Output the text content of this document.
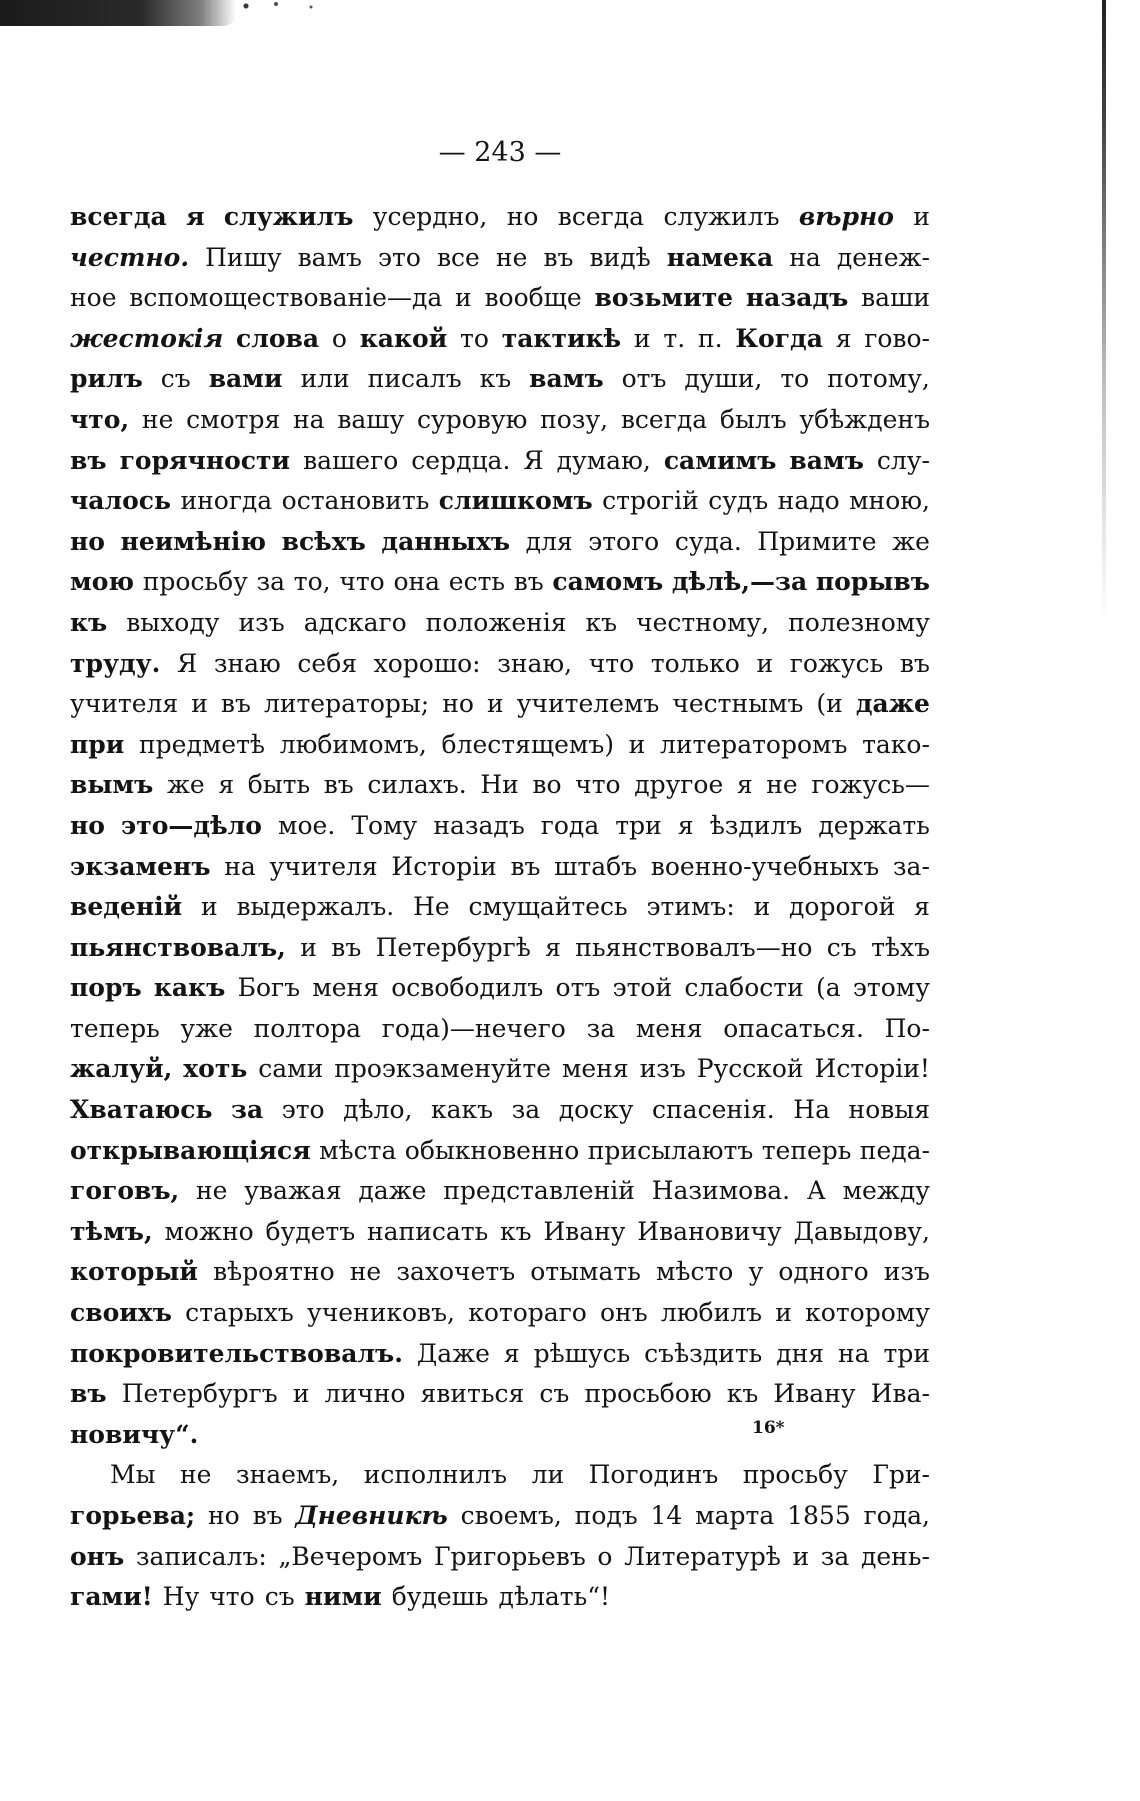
— 243 —
всегда я служилъ усердно, но всегда служилъ вѣрно и
честно. Пишу вамъ это все не въ видѣ намека на денеж-
ное вспомоществованіе—да и вообще возьмите назадъ ваши
жестокія слова о какой то тактикѣ и т. п. Когда я гово-
рилъ съ вами или писалъ къ вамъ отъ души, то потому,
что, не смотря на вашу суровую позу, всегда былъ убѣжденъ
въ горячности вашего сердца. Я думаю, самимъ вамъ слу-
чалось иногда остановить слишкомъ строгій судъ надо мною,
но неимѣнію всѣхъ данныхъ для этого суда. Примите же
мою просьбу за то, что она есть въ самомъ дѣлѣ,—за порывъ
къ выходу изъ адскаго положенія къ честному, полезному
труду. Я знаю себя хорошо: знаю, что только и гожусь въ
учителя и въ литераторы; но и учителемъ честнымъ (и даже
при предметѣ любимомъ, блестящемъ) и литераторомъ тако-
вымъ же я быть въ силахъ. Ни во что другое я не гожусь—
но это—дѣло мое. Тому назадъ года три я ѣздилъ держать
экзаменъ на учителя Исторіи въ штабъ военно-учебныхъ за-
веденій и выдержалъ. Не смущайтесь этимъ: и дорогой я
пьянствовалъ, и въ Петербургѣ я пьянствовалъ—но съ тѣхъ
поръ какъ Богъ меня освободилъ отъ этой слабости (а этому
теперь уже полтора года)—нечего за меня опасаться. По-
жалуй, хоть сами проэкзаменуйте меня изъ Русской Исторіи!
Хватаюсь за это дѣло, какъ за доску спасенія. На новыя
открывающіяся мѣста обыкновенно присылаютъ теперь педа-
гоговъ, не уважая даже представленій Назимова. А между
тѣмъ, можно будетъ написать къ Ивану Ивановичу Давыдову,
который вѣроятно не захочетъ отымать мѣсто у одного изъ
своихъ старыхъ учениковъ, котораго онъ любилъ и которому
покровительствовалъ. Даже я рѣшусь съѣздить дня на три
въ Петербургъ и лично явиться съ просьбою къ Ивану Ива-
новичу“.
Мы не знаемъ, исполнилъ ли Погодинъ просьбу Гри-
горьева; но въ Дневникѣ своемъ, подъ 14 марта 1855 года,
онъ записалъ: „Вечеромъ Григорьевъ о Литературѣ и за день-
гами! Ну что съ ними будешь дѣлать“!
16*
